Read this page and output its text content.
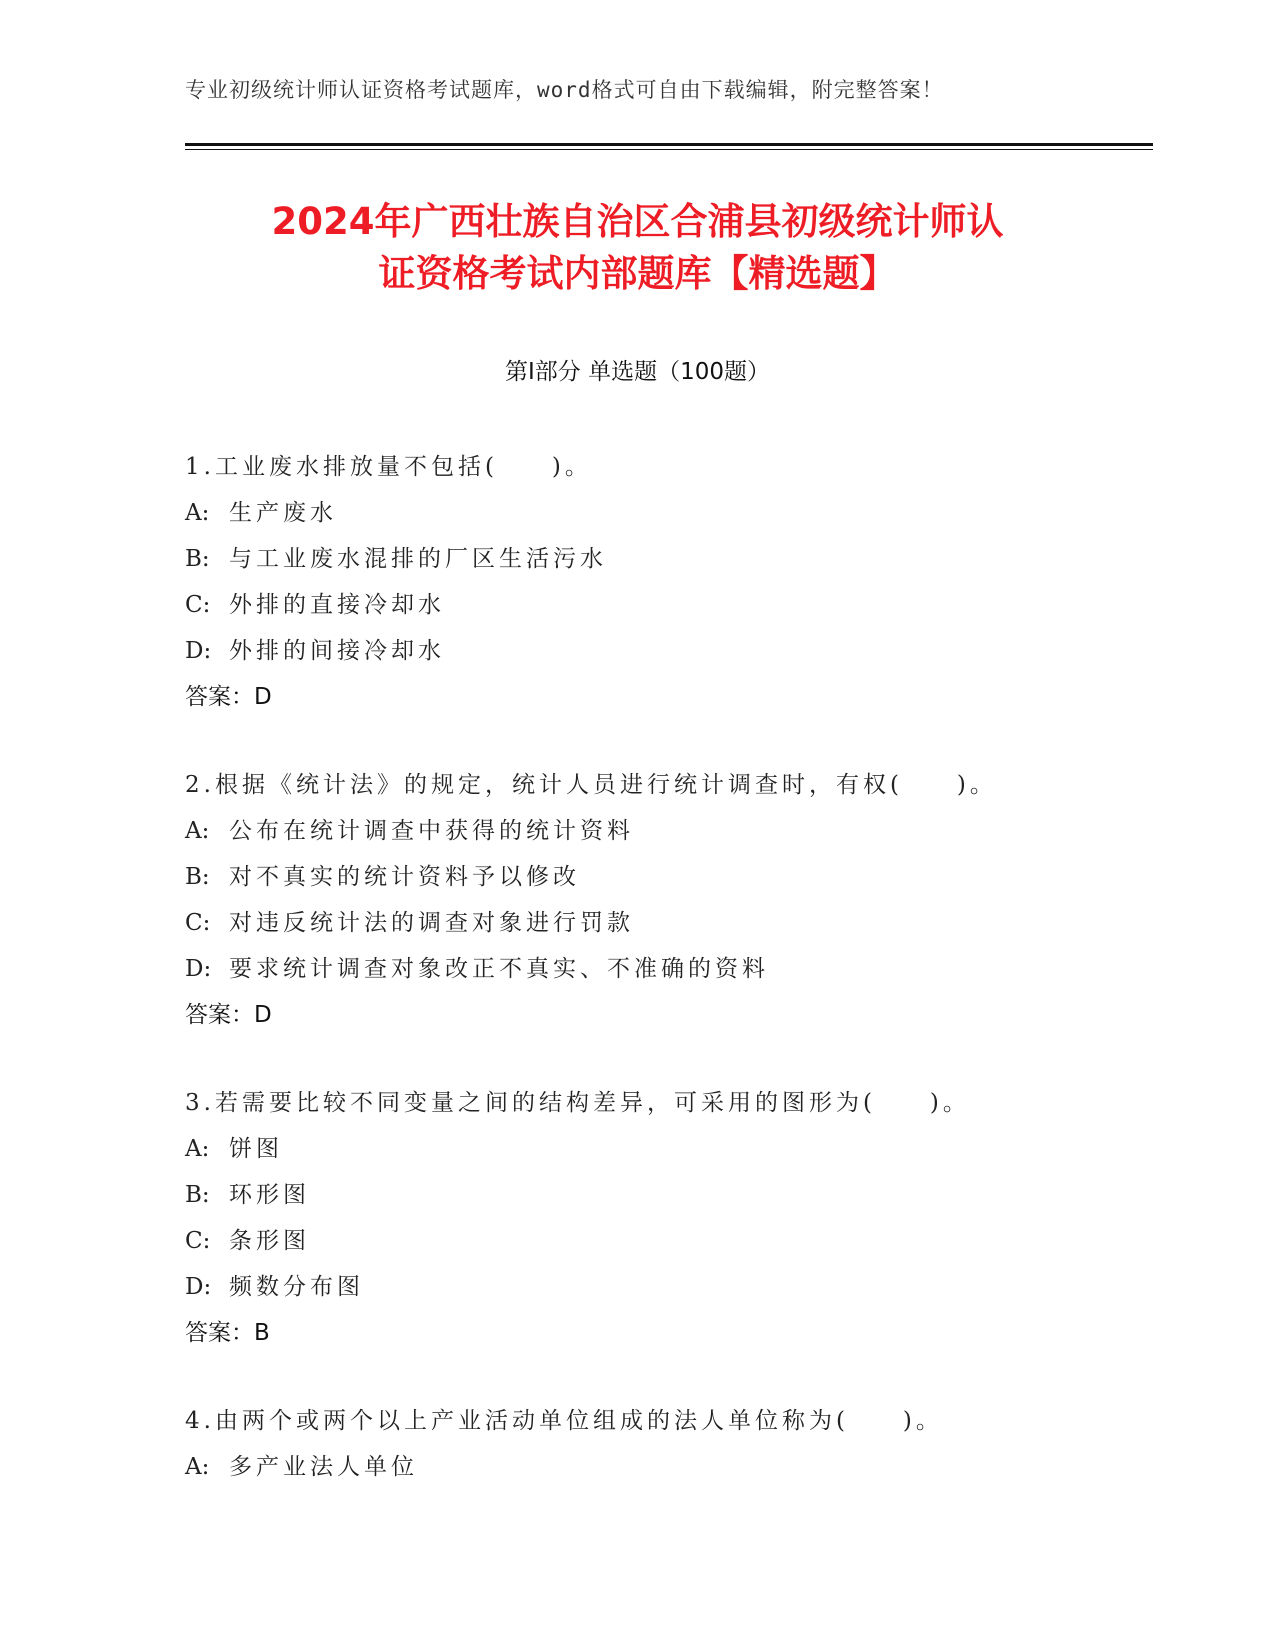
专业初级统计师认证资格考试题库，word格式可自由下载编辑，附完整答案！
2024年广西壮族自治区合浦县初级统计师认
证资格考试内部题库【精选题】
第Ⅰ部分 单选题（100题）
1.工业废水排放量不包括(　　)。
A: 生产废水
B: 与工业废水混排的厂区生活污水
C: 外排的直接冷却水
D: 外排的间接冷却水
答案：D
2.根据《统计法》的规定，统计人员进行统计调查时，有权(　　)。
A: 公布在统计调查中获得的统计资料
B: 对不真实的统计资料予以修改
C: 对违反统计法的调查对象进行罚款
D: 要求统计调查对象改正不真实、不准确的资料
答案：D
3.若需要比较不同变量之间的结构差异，可采用的图形为(　　)。
A: 饼图
B: 环形图
C: 条形图
D: 频数分布图
答案：B
4.由两个或两个以上产业活动单位组成的法人单位称为(　　)。
A: 多产业法人单位
